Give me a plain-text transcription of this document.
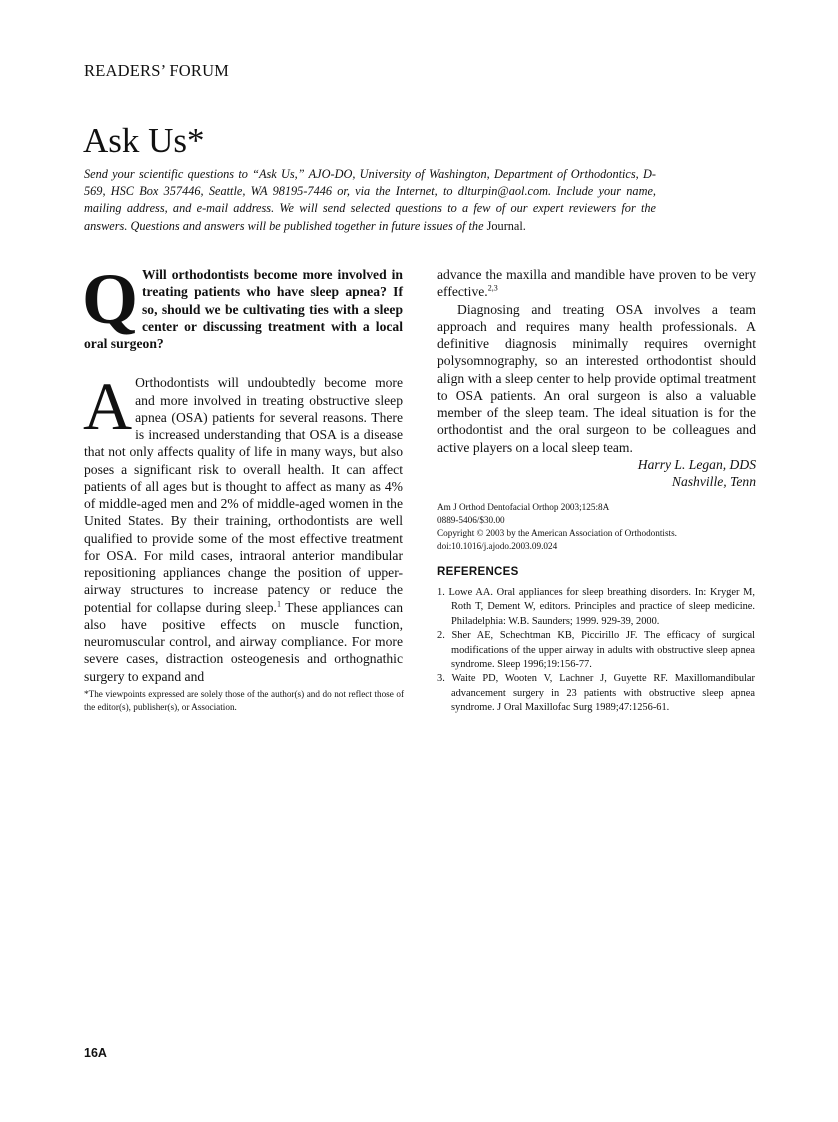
READERS’ FORUM
Ask Us*
Send your scientific questions to “Ask Us,” AJO-DO, University of Washington, Department of Orthodontics, D-569, HSC Box 357446, Seattle, WA 98195-7446 or, via the Internet, to dlturpin@aol.com. Include your name, mailing address, and e-mail address. We will send selected questions to a few of our expert reviewers for the answers. Questions and answers will be published together in future issues of the Journal.
Q Will orthodontists become more involved in treating patients who have sleep apnea? If so, should we be cultivating ties with a sleep center or discussing treatment with a local oral surgeon?
A Orthodontists will undoubtedly become more and more involved in treating obstructive sleep apnea (OSA) patients for several reasons. There is increased understanding that OSA is a disease that not only affects quality of life in many ways, but also poses a significant risk to overall health. It can affect patients of all ages but is thought to affect as many as 4% of middle-aged men and 2% of middle-aged women in the United States. By their training, orthodontists are well qualified to provide some of the most effective treatment for OSA. For mild cases, intraoral anterior mandibular repositioning appliances change the position of upper-airway structures to increase patency or reduce the potential for collapse during sleep.$^1$ These appliances can also have positive effects on muscle function, neuromuscular control, and airway compliance. For more severe cases, distraction osteogenesis and orthognathic surgery to expand and
advance the maxilla and mandible have proven to be very effective.$^{2,3}$
Diagnosing and treating OSA involves a team approach and requires many health professionals. A definitive diagnosis minimally requires overnight polysomnography, so an interested orthodontist should align with a sleep center to help provide optimal treatment to OSA patients. An oral surgeon is also a valuable member of the sleep team. The ideal situation is for the orthodontist and the oral surgeon to be colleagues and active players on a local sleep team.
Harry L. Legan, DDS
Nashville, Tenn
*The viewpoints expressed are solely those of the author(s) and do not reflect those of the editor(s), publisher(s), or Association.
Am J Orthod Dentofacial Orthop 2003;125:8A
0889-5406/$30.00
Copyright © 2003 by the American Association of Orthodontists.
doi:10.1016/j.ajodo.2003.09.024
REFERENCES
1. Lowe AA. Oral appliances for sleep breathing disorders. In: Kryger M, Roth T, Dement W, editors. Principles and practice of sleep medicine. Philadelphia: W.B. Saunders; 1999. 929-39, 2000.
2. Sher AE, Schechtman KB, Piccirillo JF. The efficacy of surgical modifications of the upper airway in adults with obstructive sleep apnea syndrome. Sleep 1996;19:156-77.
3. Waite PD, Wooten V, Lachner J, Guyette RF. Maxillomandibular advancement surgery in 23 patients with obstructive sleep apnea syndrome. J Oral Maxillofac Surg 1989;47:1256-61.
16A
